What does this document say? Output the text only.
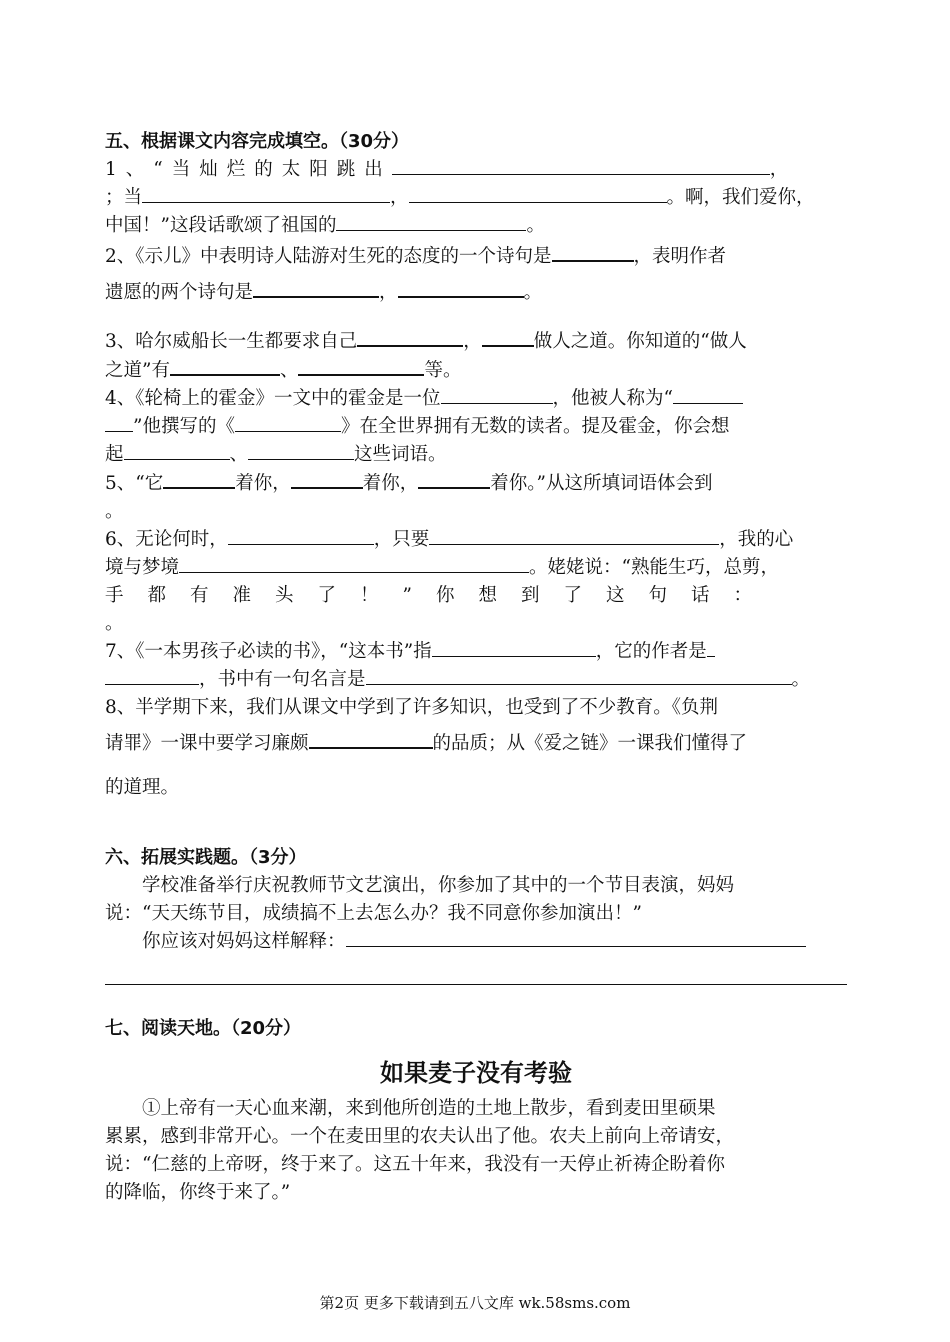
五、根据课文内容完成填空。（30分）

1、“当灿烂的太阳跳出	，

；当	，	。啊，我们爱你，

中国！”这段话歌颂了祖国的	。

2、《示儿》中表明诗人陆游对生死的态度的一个诗句是	，表明作者

遗愿的两个诗句是	，	。

3、哈尔威船长一生都要求自己	，	做人之道。你知道的“做人

之道”有	、	等。

4、《轮椅上的霍金》一文中的霍金是一位	，他被人称为“

”他撰写的《	》在全世界拥有无数的读者。提及霍金，你会想

起	、	这些词语。

5、“它	着你，	着你，	着你。”从这所填词语体会到

。

6、无论何时，	，只要	，我的心

境与梦境	。姥姥说：“熟能生巧，总剪，

手都有准头了！”你想到了这句话：

。

7、《一本男孩子必读的书》，“这本书”指	，它的作者是

，书中有一句名言是	。

8、半学期下来，我们从课文中学到了许多知识，也受到了不少教育。《负荆

请罪》一课中要学习廉颇	的品质；从《爱之链》一课我们懂得了

的道理。

六、拓展实践题。（3分）

学校准备举行庆祝教师节文艺演出，你参加了其中的一个节目表演，妈妈

说：“天天练节目，成绩搞不上去怎么办？我不同意你参加演出！”

你应该对妈妈这样解释：

七、阅读天地。（20分）

如果麦子没有考验

①上帝有一天心血来潮，来到他所创造的土地上散步，看到麦田里硕果

累累，感到非常开心。一个在麦田里的农夫认出了他。农夫上前向上帝请安，

说：“仁慈的上帝呀，终于来了。这五十年来，我没有一天停止祈祷企盼着你

的降临，你终于来了。”

第2页 更多下载请到五八文库 wk.58sms.com
